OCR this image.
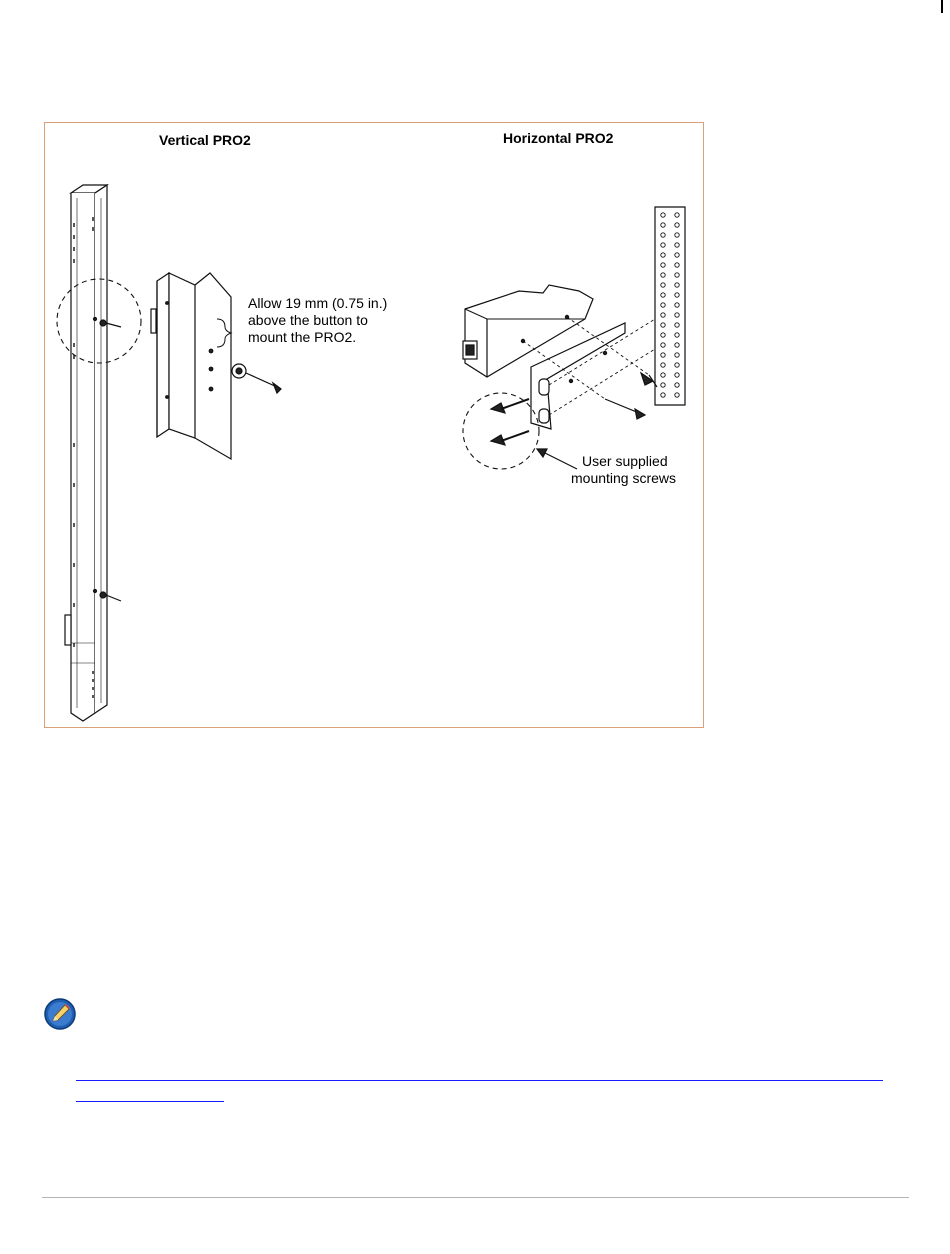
Vertical PRO2	Horizontal PRO2
Allow 19 mm (0.75 in.)
above the button to
mount the PRO2.
User supplied
mounting screws
